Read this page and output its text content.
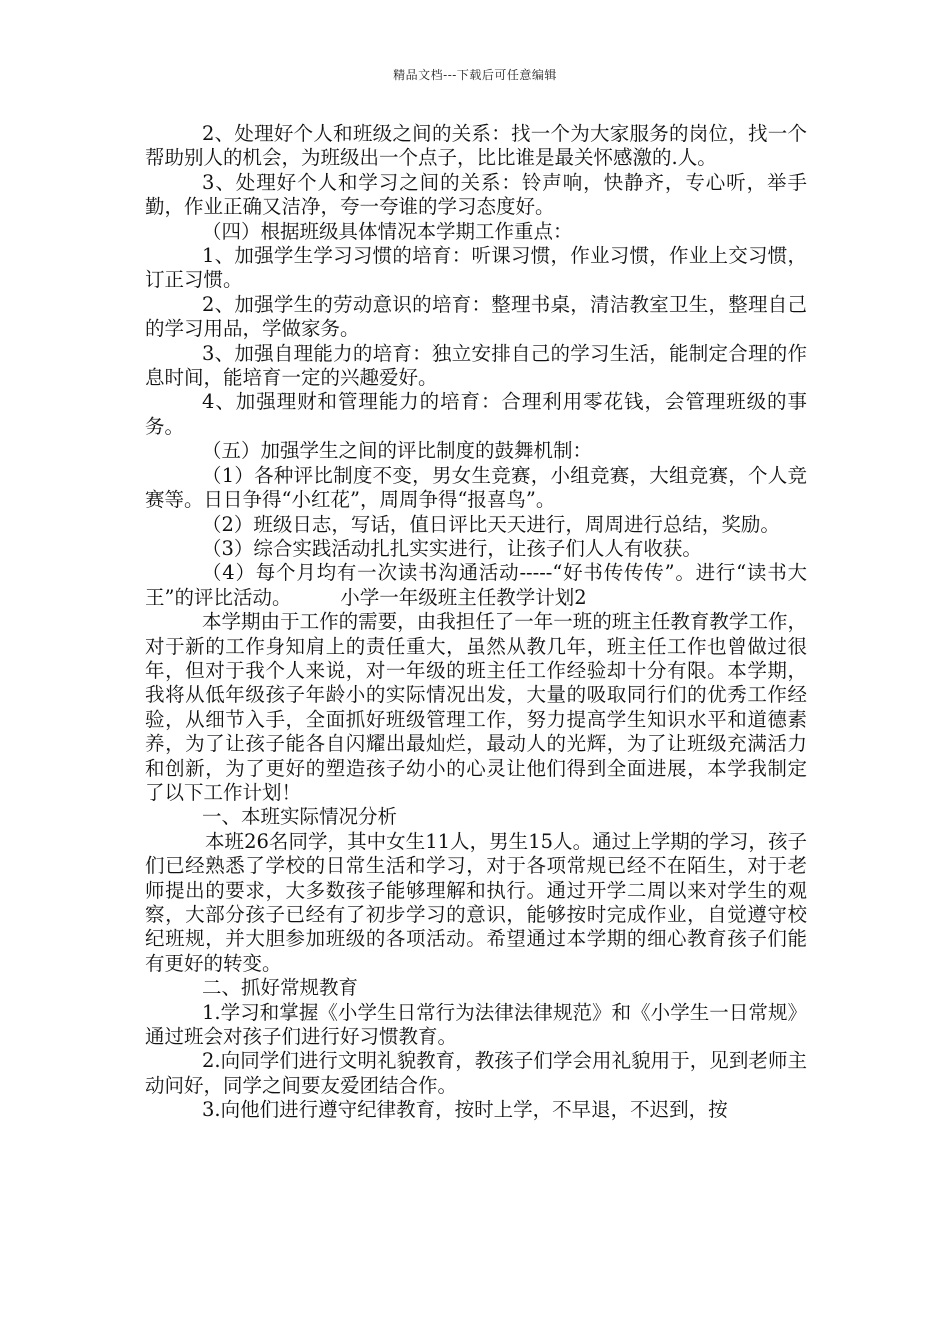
精品文档---下载后可任意编辑

2、处理好个人和班级之间的关系：找一个为大家服务的岗位，找一个帮助别人的机会，为班级出一个点子，比比谁是最关怀感激的.人。

3、处理好个人和学习之间的关系：铃声响，快静齐，专心听，举手勤，作业正确又洁净，夸一夸谁的学习态度好。

（四）根据班级具体情况本学期工作重点：

1、加强学生学习习惯的培育：听课习惯，作业习惯，作业上交习惯，订正习惯。

2、加强学生的劳动意识的培育：整理书桌，清洁教室卫生，整理自己的学习用品，学做家务。

3、加强自理能力的培育：独立安排自己的学习生活，能制定合理的作息时间，能培育一定的兴趣爱好。

4、加强理财和管理能力的培育：合理利用零花钱，会管理班级的事务。

（五）加强学生之间的评比制度的鼓舞机制：

（1）各种评比制度不变，男女生竞赛，小组竞赛，大组竞赛，个人竞赛等。日日争得“小红花”，周周争得“报喜鸟”。

（2）班级日志，写话，值日评比天天进行，周周进行总结，奖励。

（3）综合实践活动扎扎实实进行，让孩子们人人有收获。

（4）每个月均有一次读书沟通活动-----“好书传传传”。进行“读书大王”的评比活动。　　　小学一年级班主任教学计划2

本学期由于工作的需要，由我担任了一年一班的班主任教育教学工作，对于新的工作身知肩上的责任重大，虽然从教几年，班主任工作也曾做过很年，但对于我个人来说，对一年级的班主任工作经验却十分有限。本学期，我将从低年级孩子年龄小的实际情况出发，大量的吸取同行们的优秀工作经验，从细节入手，全面抓好班级管理工作，努力提高学生知识水平和道德素养，为了让孩子能各自闪耀出最灿烂，最动人的光辉，为了让班级充满活力和创新，为了更好的塑造孩子幼小的心灵让他们得到全面进展，本学我制定了以下工作计划！

一、本班实际情况分析

本班26名同学，其中女生11人，男生15人。通过上学期的学习，孩子们已经熟悉了学校的日常生活和学习，对于各项常规已经不在陌生，对于老师提出的要求，大多数孩子能够理解和执行。通过开学二周以来对学生的观察，大部分孩子已经有了初步学习的意识，能够按时完成作业，自觉遵守校纪班规，并大胆参加班级的各项活动。希望通过本学期的细心教育孩子们能有更好的转变。

二、抓好常规教育

1.学习和掌握《小学生日常行为法律法律规范》和《小学生一日常规》通过班会对孩子们进行好习惯教育。

2.向同学们进行文明礼貌教育，教孩子们学会用礼貌用于，见到老师主动问好，同学之间要友爱团结合作。

3.向他们进行遵守纪律教育，按时上学，不早退，不迟到，按
